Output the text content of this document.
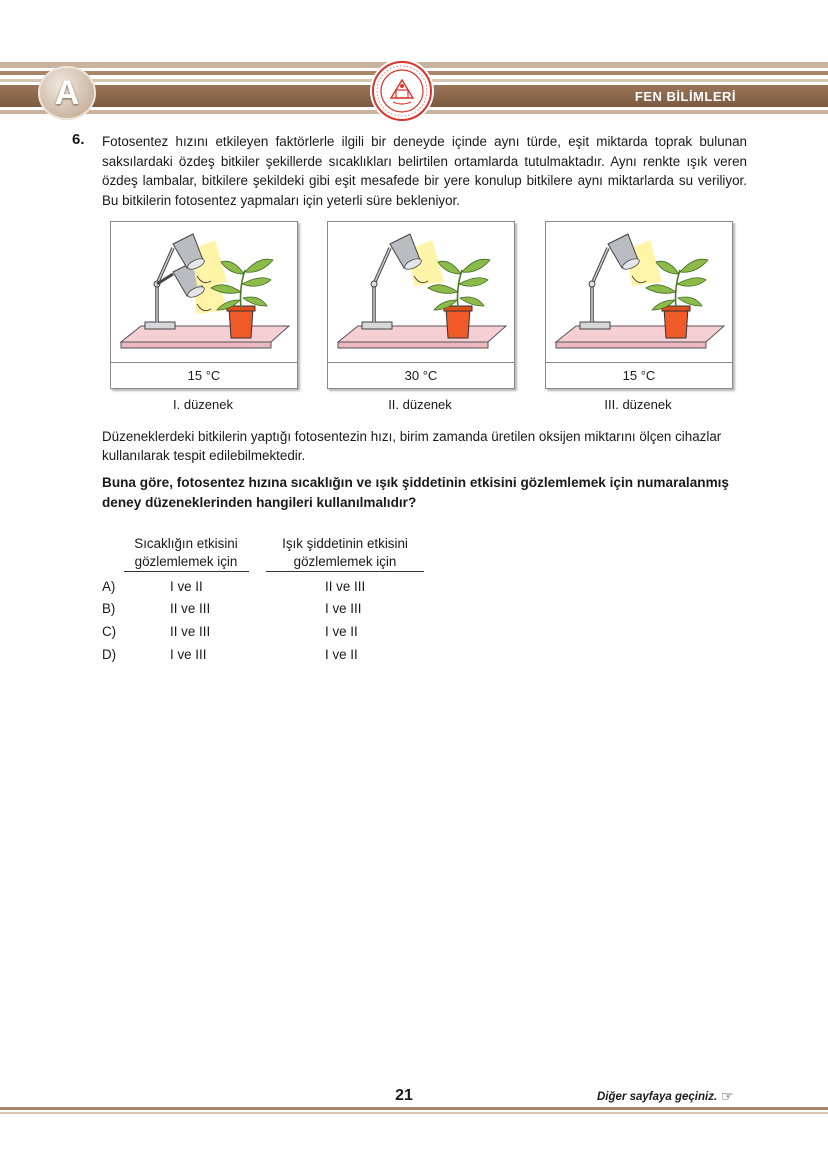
A	FEN BİLİMLERİ
6. Fotosentez hızını etkileyen faktörlerle ilgili bir deneyde içinde aynı türde, eşit miktarda toprak bulunan saksılardaki özdeş bitkiler şekillerde sıcaklıkları belirtilen ortamlarda tutulmaktadır. Aynı renkte ışık veren özdeş lambalar, bitkilere şekildeki gibi eşit mesafede bir yere konulup bitkilere aynı miktarlarda su veriliyor. Bu bitkilerin fotosentez yapmaları için yeterli süre bekleniyor.

15 °C	30 °C	15 °C
I. düzenek	II. düzenek	III. düzenek

Düzeneklerdeki bitkilerin yaptığı fotosentezin hızı, birim zamanda üretilen oksijen miktarını ölçen cihazlar kullanılarak tespit edilebilmektedir.

Buna göre, fotosentez hızına sıcaklığın ve ışık şiddetinin etkisini gözlemlemek için numaralanmış deney düzeneklerinden hangileri kullanılmalıdır?

Sıcaklığın etkisini
gözlemlemek için
Işık şiddetinin etkisini
gözlemlemek için
A)	I ve II	II ve III
B)	II ve III	I ve III
C)	II ve III	I ve II
D)	I ve III	I ve II
21	Diğer sayfaya geçiniz. ☞
